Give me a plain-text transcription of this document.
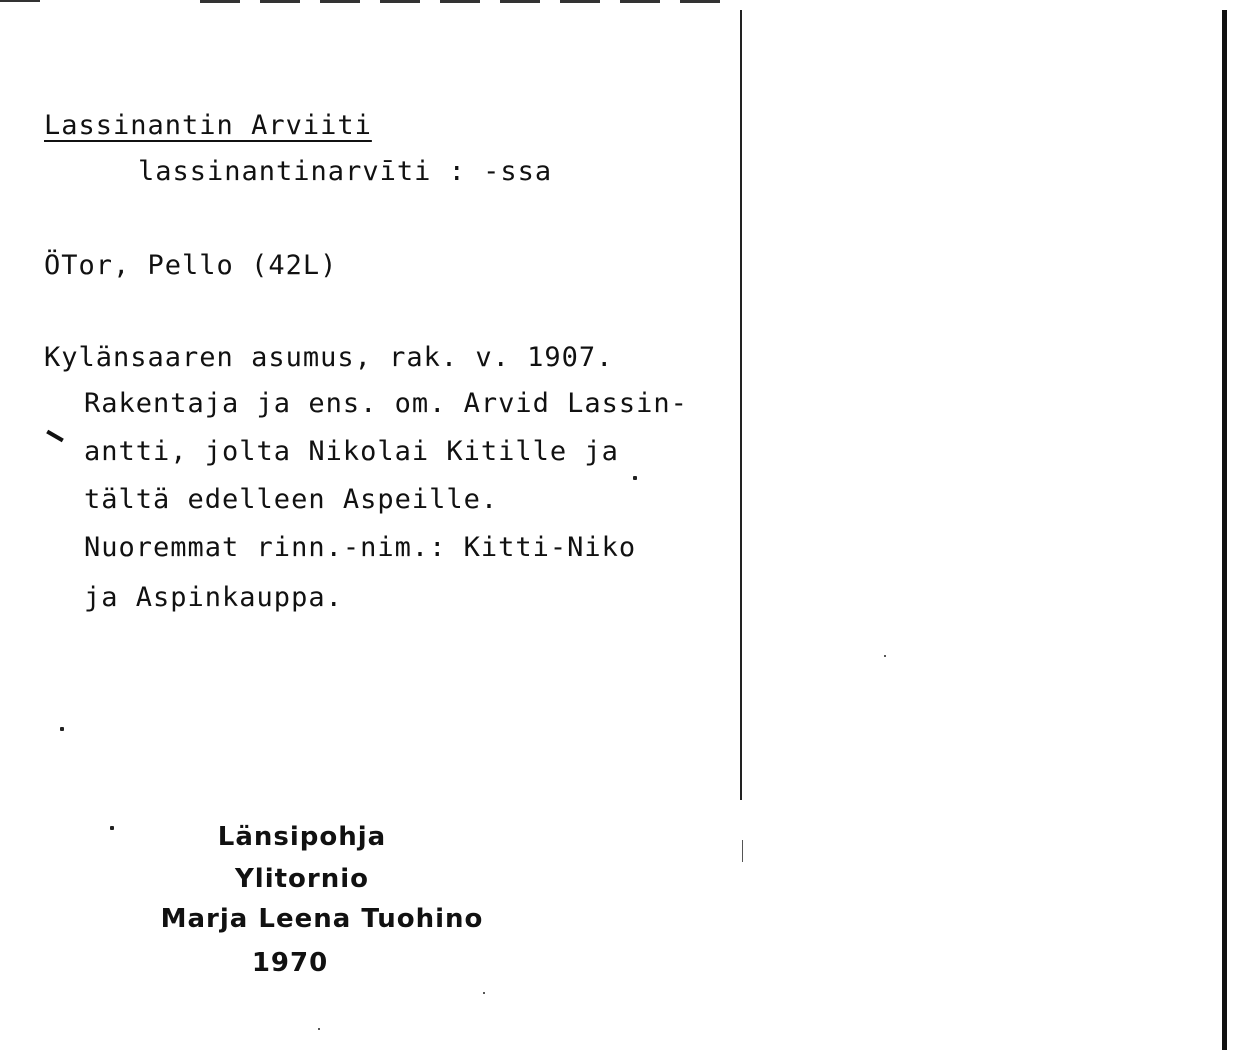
Lassinantin Arviiti
lassinantinarvīti : -ssa
ÖTor, Pello (42L)
Kylänsaaren asumus, rak. v. 1907.
Rakentaja ja ens. om. Arvid Lassin-
antti, jolta Nikolai Kitille ja
tältä edelleen Aspeille.
Nuoremmat rinn.-nim.: Kitti-Niko
ja Aspinkauppa.
Länsipohja
Ylitornio
Marja Leena Tuohino
1970
